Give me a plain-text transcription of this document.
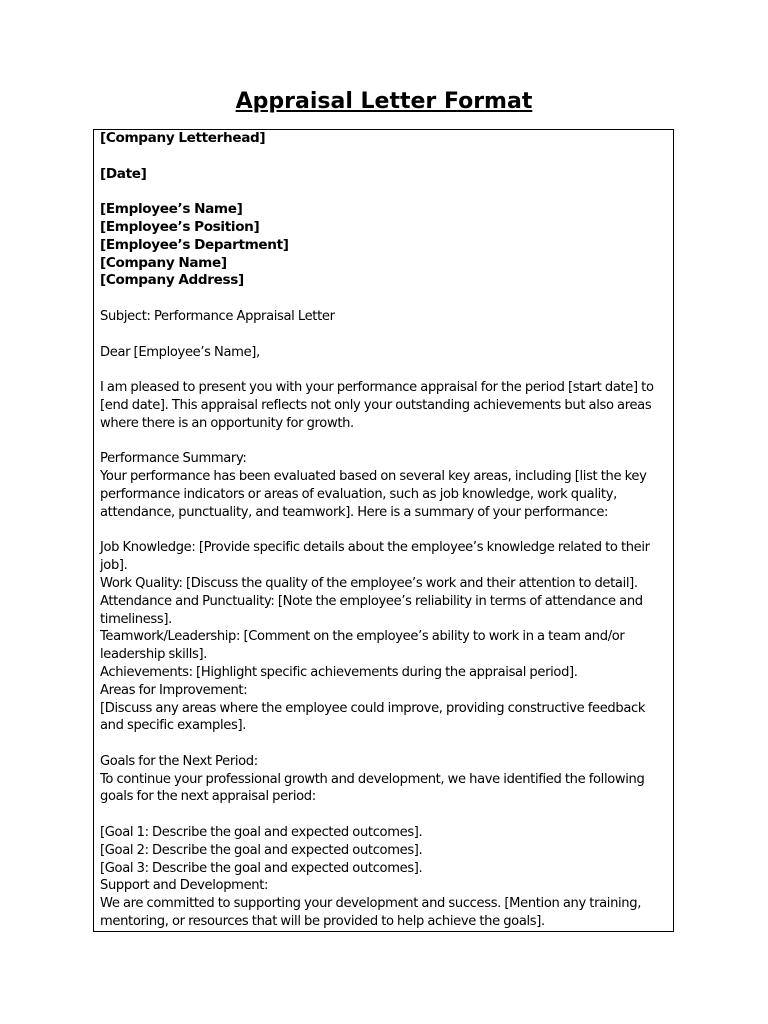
Appraisal Letter Format
[Company Letterhead]
[Date]
[Employee’s Name]
[Employee’s Position]
[Employee’s Department]
[Company Name]
[Company Address]
Subject: Performance Appraisal Letter
Dear [Employee’s Name],
I am pleased to present you with your performance appraisal for the period [start date] to
[end date]. This appraisal reflects not only your outstanding achievements but also areas
where there is an opportunity for growth.
Performance Summary:
Your performance has been evaluated based on several key areas, including [list the key
performance indicators or areas of evaluation, such as job knowledge, work quality,
attendance, punctuality, and teamwork]. Here is a summary of your performance:
Job Knowledge: [Provide specific details about the employee’s knowledge related to their
job].
Work Quality: [Discuss the quality of the employee’s work and their attention to detail].
Attendance and Punctuality: [Note the employee’s reliability in terms of attendance and
timeliness].
Teamwork/Leadership: [Comment on the employee’s ability to work in a team and/or
leadership skills].
Achievements: [Highlight specific achievements during the appraisal period].
Areas for Improvement:
[Discuss any areas where the employee could improve, providing constructive feedback
and specific examples].
Goals for the Next Period:
To continue your professional growth and development, we have identified the following
goals for the next appraisal period:
[Goal 1: Describe the goal and expected outcomes].
[Goal 2: Describe the goal and expected outcomes].
[Goal 3: Describe the goal and expected outcomes].
Support and Development:
We are committed to supporting your development and success. [Mention any training,
mentoring, or resources that will be provided to help achieve the goals].
